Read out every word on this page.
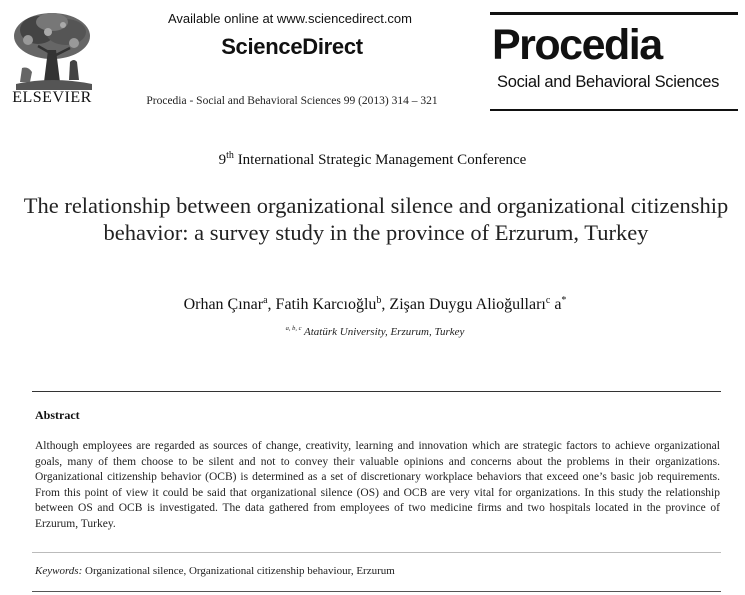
ELSEVIER
Available online at www.sciencedirect.com
ScienceDirect
Procedia - Social and Behavioral Sciences 99 (2013) 314 – 321
Procedia
Social and Behavioral Sciences
9th International Strategic Management Conference
The relationship between organizational silence and organizational citizenship behavior: a survey study in the province of Erzurum, Turkey
Orhan Çınar$^a$, Fatih Karcıoğlu$^b$, Zişan Duygu Alioğulları$^c$ a*
$^{a, b, c}$ Atatürk University, Erzurum, Turkey
Abstract
Although employees are regarded as sources of change, creativity, learning and innovation which are strategic factors to achieve organizational goals, many of them choose to be silent and not to convey their valuable opinions and concerns about the problems in their organizations. Organizational citizenship behavior (OCB) is determined as a set of discretionary workplace behaviors that exceed one’s basic job requirements. From this point of view it could be said that organizational silence (OS) and OCB are very vital for organizations. In this study the relationship between OS and OCB is investigated. The data gathered from employees of two medicine firms and two hospitals located in the province of Erzurum, Turkey.
Keywords: Organizational silence, Organizational citizenship behaviour, Erzurum
